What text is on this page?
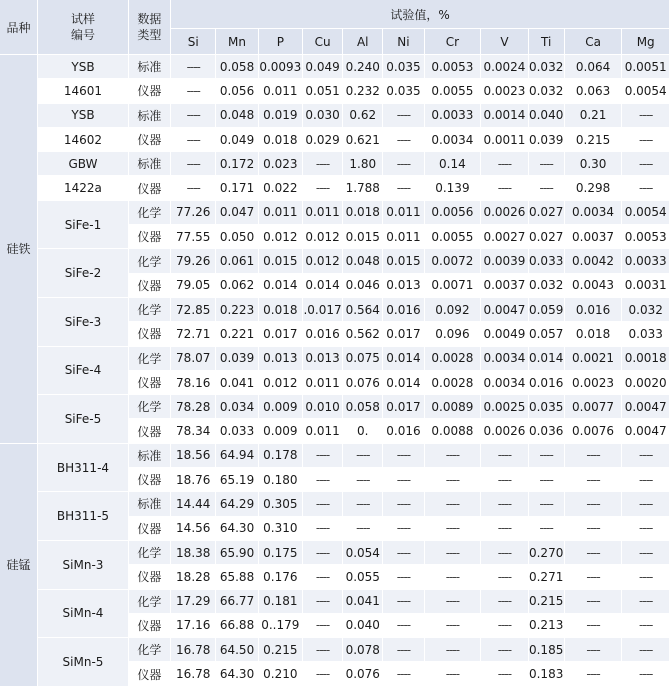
品种	试样
编号	数据
类型	试验值，%										
			Si	Mn	P	Cu	Al	Ni	Cr	V	Ti	Ca	Mg
硅铁	YSB	标准	----	0.058	0.0093	0.049	0.240	0.035	0.0053	0.0024	0.032	0.064	0.0051
	14601	仪器	----	0.056	0.011	0.051	0.232	0.035	0.0055	0.0023	0.032	0.063	0.0054
	YSB	标准	----	0.048	0.019	0.030	0.62	----	0.0033	0.0014	0.040	0.21	----
	14602	仪器	----	0.049	0.018	0.029	0.621	----	0.0034	0.0011	0.039	0.215	----
	GBW	标准	----	0.172	0.023	----	1.80	----	0.14	----	----	0.30	----
	1422a	仪器	----	0.171	0.022	----	1.788	----	0.139	----	----	0.298	----
	SiFe-1	化学	77.26	0.047	0.011	0.011	0.018	0.011	0.0056	0.0026	0.027	0.0034	0.0054
		仪器	77.55	0.050	0.012	0.012	0.015	0.011	0.0055	0.0027	0.027	0.0037	0.0053
	SiFe-2	化学	79.26	0.061	0.015	0.012	0.048	0.015	0.0072	0.0039	0.033	0.0042	0.0033
		仪器	79.05	0.062	0.014	0.014	0.046	0.013	0.0071	0.0037	0.032	0.0043	0.0031
	SiFe-3	化学	72.85	0.223	0.018	.0.017	0.564	0.016	0.092	0.0047	0.059	0.016	0.032
		仪器	72.71	0.221	0.017	0.016	0.562	0.017	0.096	0.0049	0.057	0.018	0.033
	SiFe-4	化学	78.07	0.039	0.013	0.013	0.075	0.014	0.0028	0.0034	0.014	0.0021	0.0018
		仪器	78.16	0.041	0.012	0.011	0.076	0.014	0.0028	0.0034	0.016	0.0023	0.0020
	SiFe-5	化学	78.28	0.034	0.009	0.010	0.058	0.017	0.0089	0.0025	0.035	0.0077	0.0047
		仪器	78.34	0.033	0.009	0.011	0.	0.016	0.0088	0.0026	0.036	0.0076	0.0047
硅锰	BH311-4	标准	18.56	64.94	0.178	----	----	----	----	----	----	----	----
		仪器	18.76	65.19	0.180	----	----	----	----	----	----	----	----
	BH311-5	标准	14.44	64.29	0.305	----	----	----	----	----	----	----	----
		仪器	14.56	64.30	0.310	----	----	----	----	----	----	----	----
	SiMn-3	化学	18.38	65.90	0.175	----	0.054	----	----	----	0.270	----	----
		仪器	18.28	65.88	0.176	----	0.055	----	----	----	0.271	----	----
	SiMn-4	化学	17.29	66.77	0.181	----	0.041	----	----	----	0.215	----	----
		仪器	17.16	66.88	0..179	----	0.040	----	----	----	0.213	----	----
	SiMn-5	化学	16.78	64.50	0.215	----	0.078	----	----	----	0.185	----	----
		仪器	16.78	64.30	0.210	----	0.076	----	----	----	0.183	----	----
